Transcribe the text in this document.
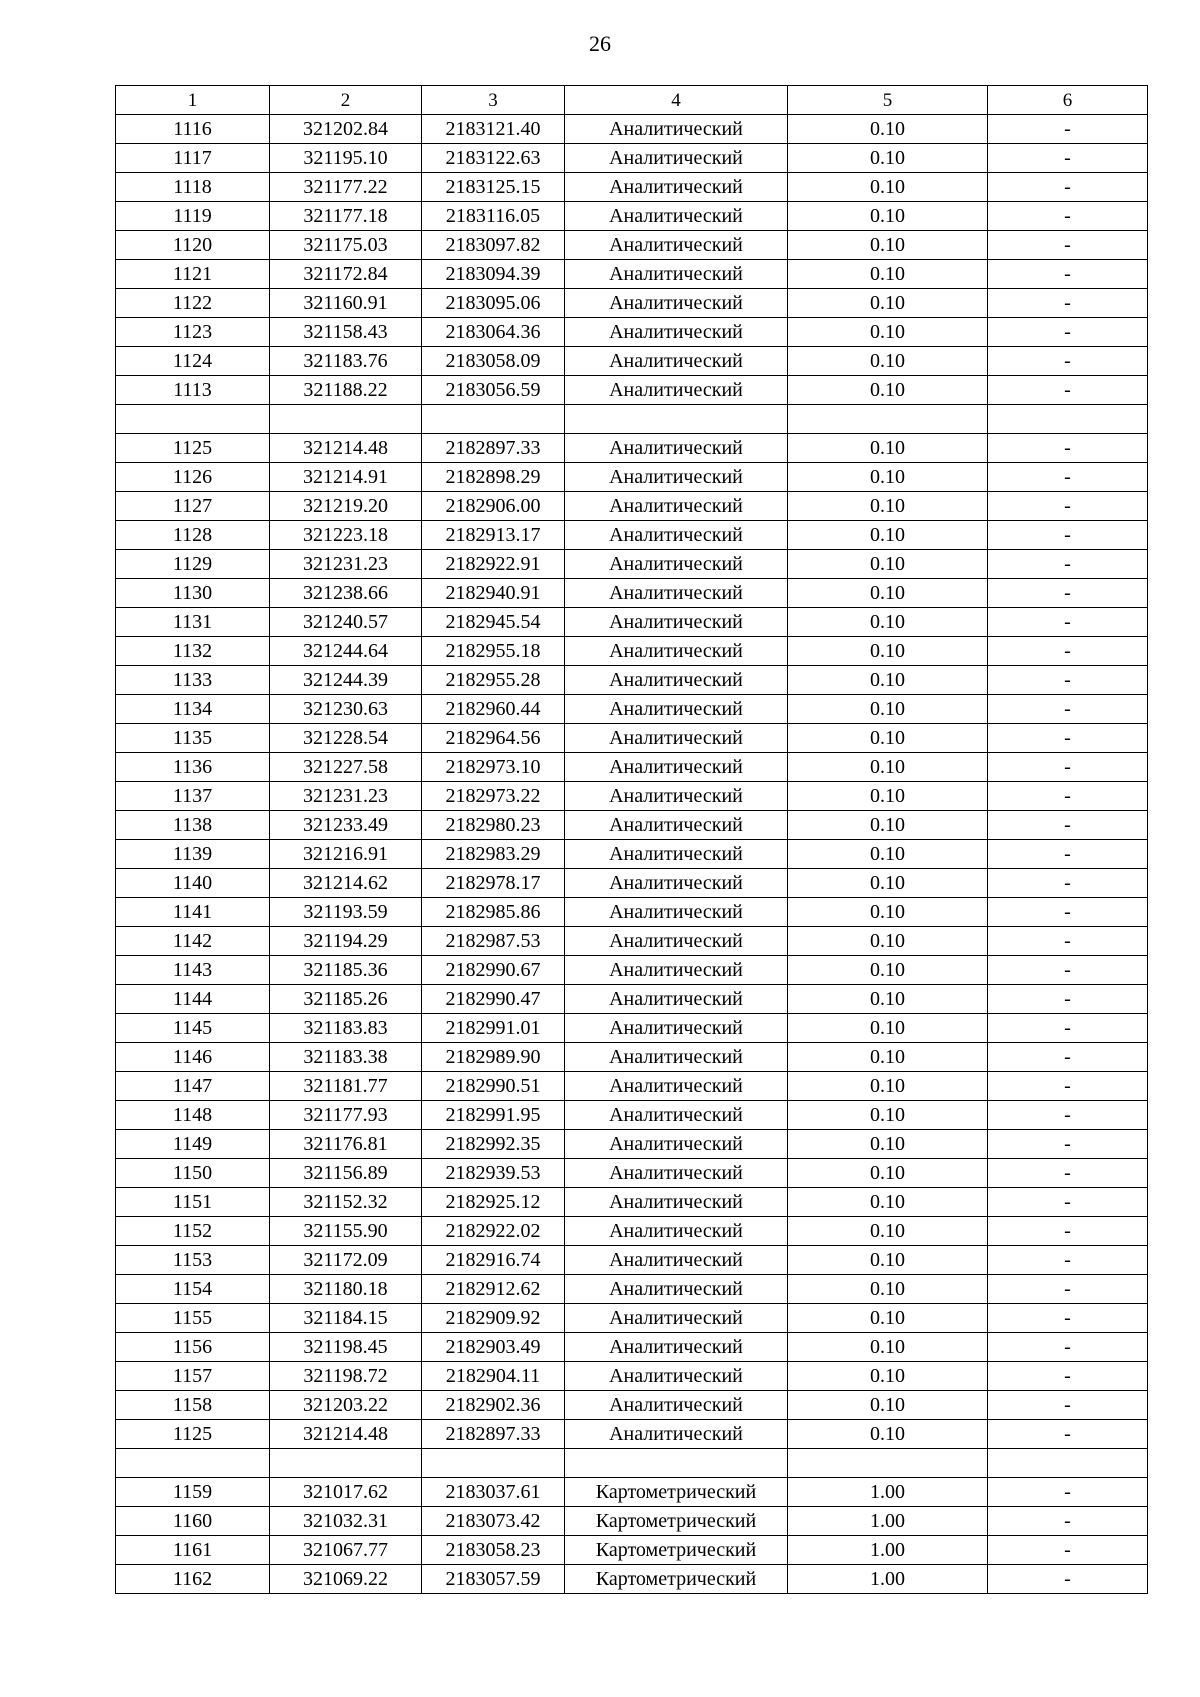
26
1	2	3	4	5	6
1116	321202.84	2183121.40	Аналитический	0.10	-
1117	321195.10	2183122.63	Аналитический	0.10	-
1118	321177.22	2183125.15	Аналитический	0.10	-
1119	321177.18	2183116.05	Аналитический	0.10	-
1120	321175.03	2183097.82	Аналитический	0.10	-
1121	321172.84	2183094.39	Аналитический	0.10	-
1122	321160.91	2183095.06	Аналитический	0.10	-
1123	321158.43	2183064.36	Аналитический	0.10	-
1124	321183.76	2183058.09	Аналитический	0.10	-
1113	321188.22	2183056.59	Аналитический	0.10	-

1125	321214.48	2182897.33	Аналитический	0.10	-
1126	321214.91	2182898.29	Аналитический	0.10	-
1127	321219.20	2182906.00	Аналитический	0.10	-
1128	321223.18	2182913.17	Аналитический	0.10	-
1129	321231.23	2182922.91	Аналитический	0.10	-
1130	321238.66	2182940.91	Аналитический	0.10	-
1131	321240.57	2182945.54	Аналитический	0.10	-
1132	321244.64	2182955.18	Аналитический	0.10	-
1133	321244.39	2182955.28	Аналитический	0.10	-
1134	321230.63	2182960.44	Аналитический	0.10	-
1135	321228.54	2182964.56	Аналитический	0.10	-
1136	321227.58	2182973.10	Аналитический	0.10	-
1137	321231.23	2182973.22	Аналитический	0.10	-
1138	321233.49	2182980.23	Аналитический	0.10	-
1139	321216.91	2182983.29	Аналитический	0.10	-
1140	321214.62	2182978.17	Аналитический	0.10	-
1141	321193.59	2182985.86	Аналитический	0.10	-
1142	321194.29	2182987.53	Аналитический	0.10	-
1143	321185.36	2182990.67	Аналитический	0.10	-
1144	321185.26	2182990.47	Аналитический	0.10	-
1145	321183.83	2182991.01	Аналитический	0.10	-
1146	321183.38	2182989.90	Аналитический	0.10	-
1147	321181.77	2182990.51	Аналитический	0.10	-
1148	321177.93	2182991.95	Аналитический	0.10	-
1149	321176.81	2182992.35	Аналитический	0.10	-
1150	321156.89	2182939.53	Аналитический	0.10	-
1151	321152.32	2182925.12	Аналитический	0.10	-
1152	321155.90	2182922.02	Аналитический	0.10	-
1153	321172.09	2182916.74	Аналитический	0.10	-
1154	321180.18	2182912.62	Аналитический	0.10	-
1155	321184.15	2182909.92	Аналитический	0.10	-
1156	321198.45	2182903.49	Аналитический	0.10	-
1157	321198.72	2182904.11	Аналитический	0.10	-
1158	321203.22	2182902.36	Аналитический	0.10	-
1125	321214.48	2182897.33	Аналитический	0.10	-

1159	321017.62	2183037.61	Картометрический	1.00	-
1160	321032.31	2183073.42	Картометрический	1.00	-
1161	321067.77	2183058.23	Картометрический	1.00	-
1162	321069.22	2183057.59	Картометрический	1.00	-
